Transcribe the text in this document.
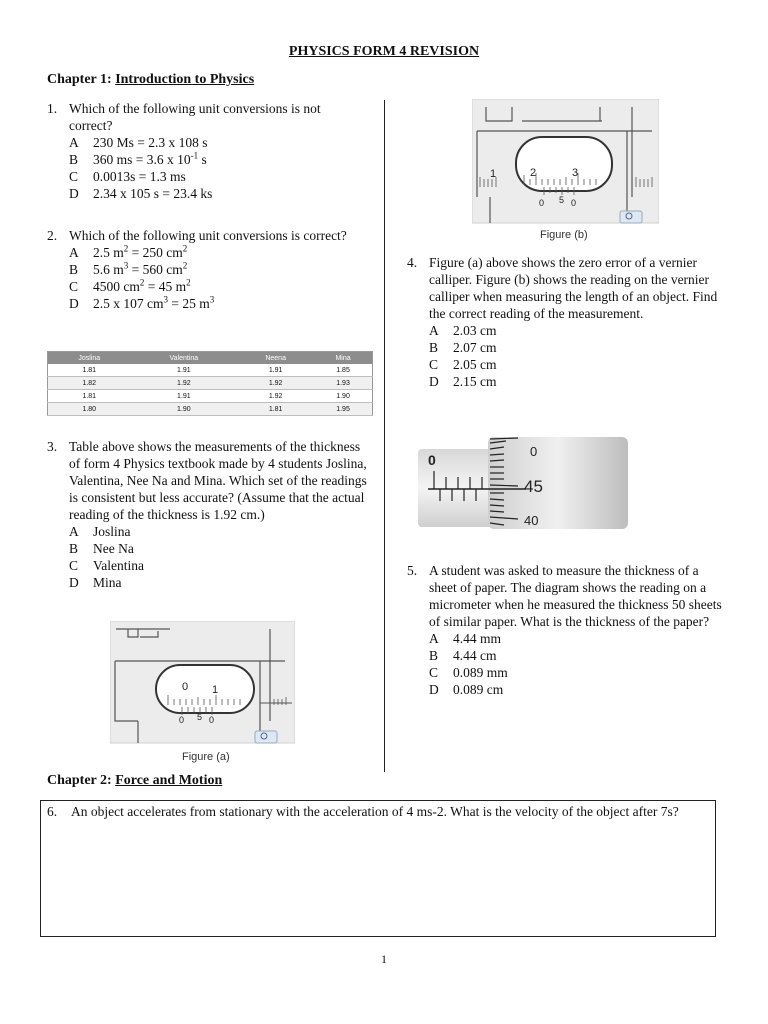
PHYSICS FORM 4 REVISION
Chapter 1: Introduction to Physics
1. Which of the following unit conversions is not correct?
A	230 Ms = 2.3 x 108 s
B	360 ms = 3.6 x $10^{-1}$ s
C	0.0013s = 1.3 ms
D	2.34 x 105 s = 23.4 ks
2. Which of the following unit conversions is correct?
A	2.5 $m^2 = 250$ $cm^2$
B	5.6 $m^3 = 560$ $cm^2$
C	4500 $cm^2 = 45$ $m^2$
D	2.5 x 107 $cm^3 = 25$ $m^3$
Joslina	Valentina	Neena	Mina
1.81	1.91	1.91	1.85
1.82	1.92	1.92	1.93
1.81	1.91	1.92	1.90
1.80	1.90	1.81	1.95
3. Table above shows the measurements of the thickness of form 4 Physics textbook made by 4 students Joslina, Valentina, Nee Na and Mina. Which set of the readings is consistent but less accurate? (Assume that the actual reading of the thickness is 1.92 cm.)
A	Joslina
B	Nee Na
C	Valentina
D	Mina
0 1
0 5 0
Figure (a)
1	2	3
0 5 0
Figure (b)
4. Figure (a) above shows the zero error of a vernier calliper. Figure (b) shows the reading on the vernier calliper when measuring the length of an object. Find the correct reading of the measurement.
A	2.03 cm
B	2.07 cm
C	2.05 cm
D	2.15 cm
0
0
45
40
5. A student was asked to measure the thickness of a sheet of paper. The diagram shows the reading on a micrometer when he measured the thickness 50 sheets of similar paper. What is the thickness of the paper?
A	4.44 mm
B	4.44 cm
C	0.089 mm
D	0.089 cm
Chapter 2: Force and Motion
6. An object accelerates from stationary with the acceleration of 4 ms-2. What is the velocity of the object after 7s?
1
